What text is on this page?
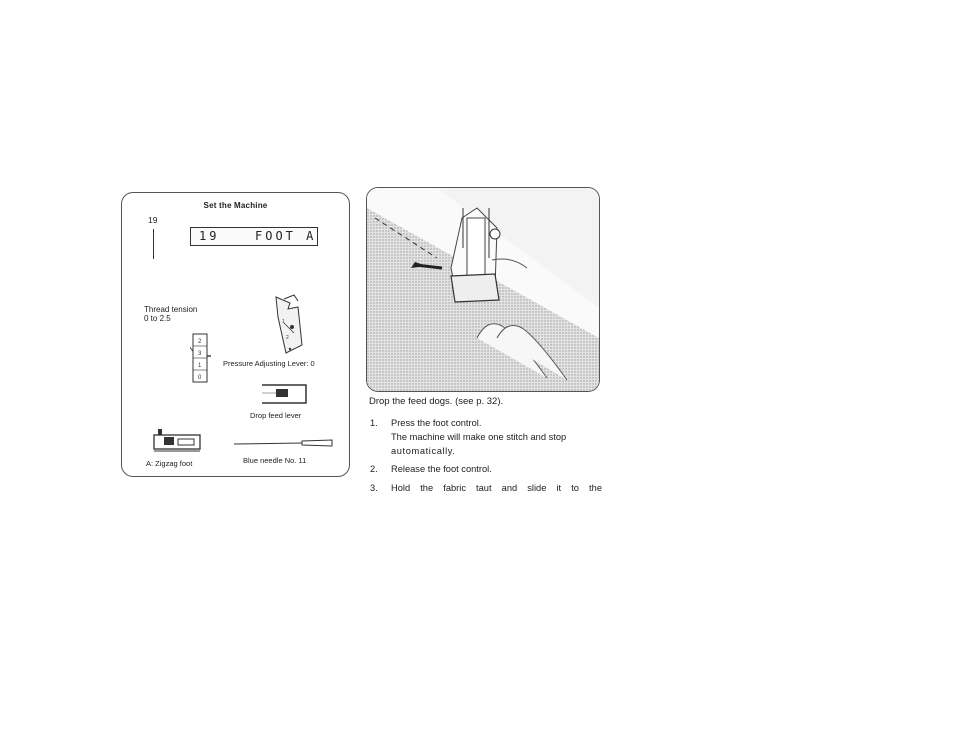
Set the Machine
19
19	FOOT A
Thread tension
0 to 2.5
2
3
1
0
1
2
Pressure Adjusting Lever: 0
Drop feed lever
A: Zigzag foot	Blue needle No. 11
Drop the feed dogs. (see p. 32).
1. Press the foot control.
The machine will make one stitch and stop
automatically.
2. Release the foot control.
3. Hold the fabric taut and slide it to the
